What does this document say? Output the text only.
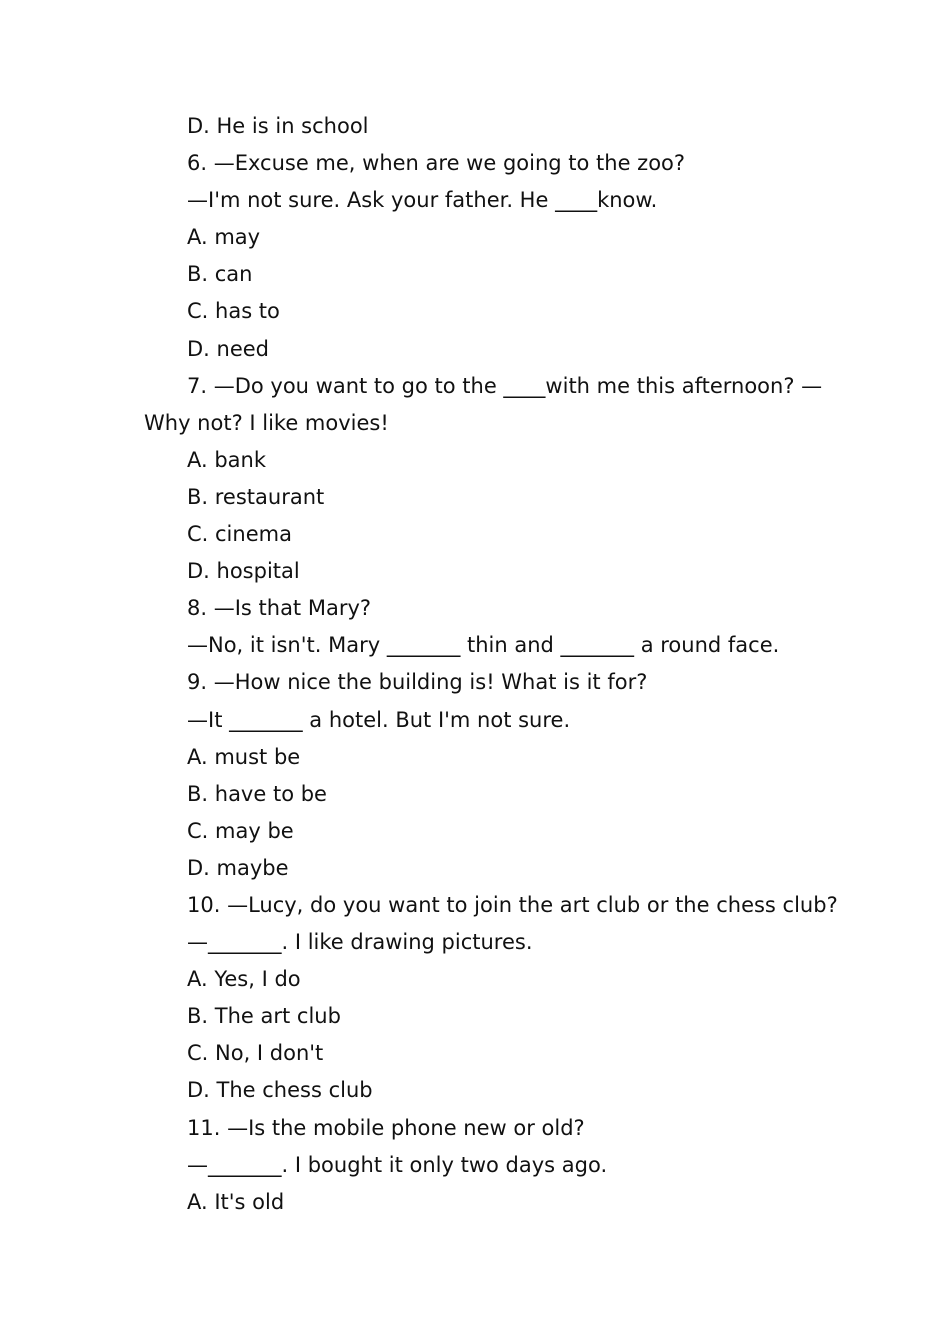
D. He is in school
6. —Excuse me, when are we going to the zoo?
—I'm not sure. Ask your father. He ____know.
A. may
B. can
C. has to
D. need
7. —Do you want to go to the ____with me this afternoon? —
Why not? I like movies!
A. bank
B. restaurant
C. cinema
D. hospital
8. —Is that Mary?
—No, it isn't. Mary _______ thin and _______ a round face.
9. —How nice the building is! What is it for?
—It _______ a hotel. But I'm not sure.
A. must be
B. have to be
C. may be
D. maybe
10. —Lucy, do you want to join the art club or the chess club?
—_______. I like drawing pictures.
A. Yes, I do
B. The art club
C. No, I don't
D. The chess club
11. —Is the mobile phone new or old?
—_______. I bought it only two days ago.
A. It's old
